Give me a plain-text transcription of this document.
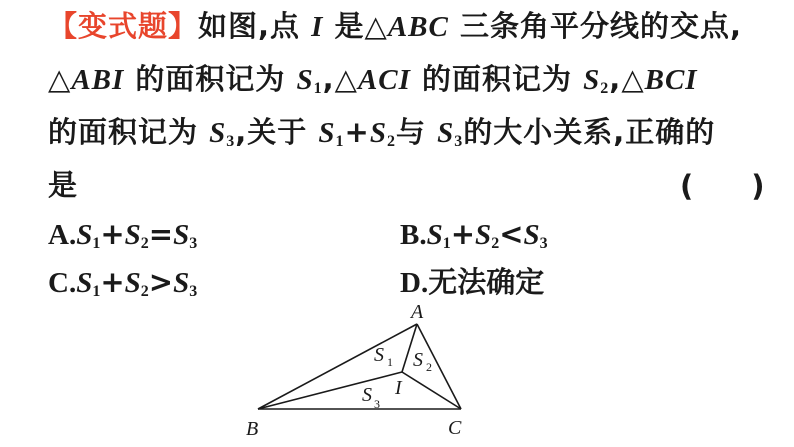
【变式题】如图,点 I 是△ABC 三条角平分线的交点,
△ABI 的面积记为 $S_1,\triangle ACI$ 的面积记为 $S_2,\triangle BCI$
的面积记为 $S_3$,关于 $S_1+S_2$与 $S_3$的大小关系,正确的
是	(　　)
$A.S_1+S_2=S_3$	$B.S_1+S_2<S_3$
$C.S_1+S_2>S_3$	D.无法确定
A
B	C
I
S 1 S 2
S 3
